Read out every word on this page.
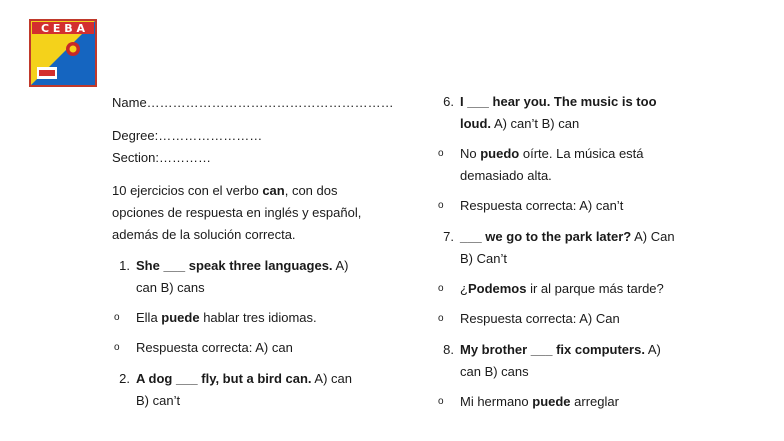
C E B A
Name…………………………………………………
Degree:…………………… Section:…………
10 ejercicios con el verbo can, con dos opciones de respuesta en inglés y español, además de la solución correcta.
1. She ___ speak three languages. A) can B) cans
o Ella puede hablar tres idiomas.
o Respuesta correcta: A) can
2. A dog ___ fly, but a bird can. A) can B) can’t
6. I ___ hear you. The music is too loud. A) can’t B) can
o No puedo oírte. La música está demasiado alta.
o Respuesta correcta: A) can’t
7. ___ we go to the park later? A) Can B) Can’t
o ¿Podemos ir al parque más tarde?
o Respuesta correcta: A) Can
8. My brother ___ fix computers. A) can B) cans
o Mi hermano puede arreglar
